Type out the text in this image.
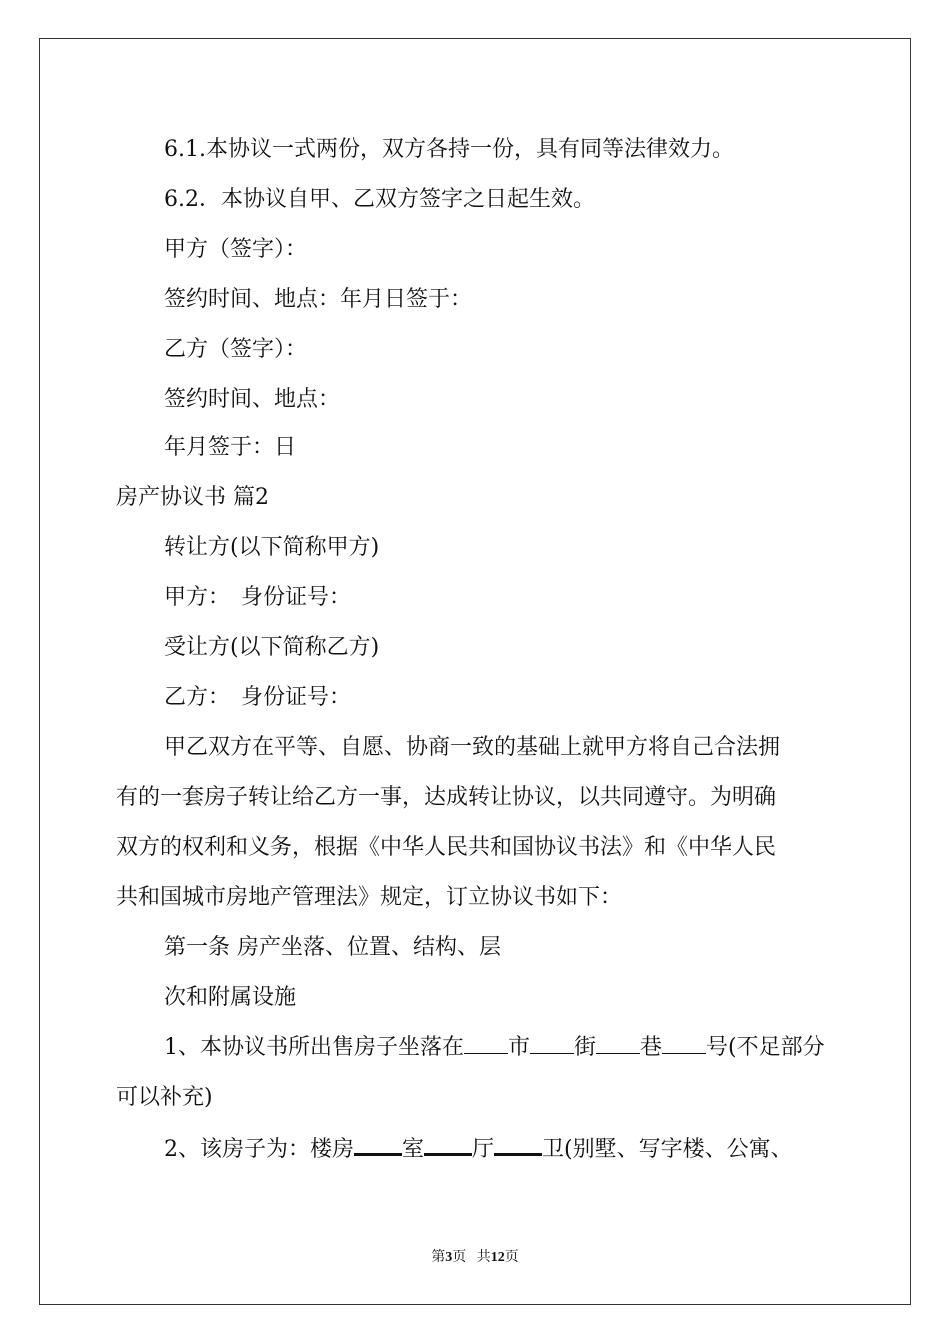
6.1.本协议一式两份，双方各持一份，具有同等法律效力。
6.2．本协议自甲、乙双方签字之日起生效。
甲方（签字）：
签约时间、地点：年月日签于：
乙方（签字）：
签约时间、地点：
年月签于：日
房产协议书 篇2
转让方(以下简称甲方)
甲方：　身份证号：
受让方(以下简称乙方)
乙方：　身份证号：
甲乙双方在平等、自愿、协商一致的基础上就甲方将自己合法拥
有的一套房子转让给乙方一事，达成转让协议，以共同遵守。为明确
双方的权利和义务，根据《中华人民共和国协议书法》和《中华人民
共和国城市房地产管理法》规定，订立协议书如下：
第一条 房产坐落、位置、结构、层
次和附属设施
1、本协议书所出售房子坐落在 市 街 巷 号(不足部分
可以补充)
2、该房子为：楼房 室 厅 卫(别墅、写字楼、公寓、
第3页 共12页
